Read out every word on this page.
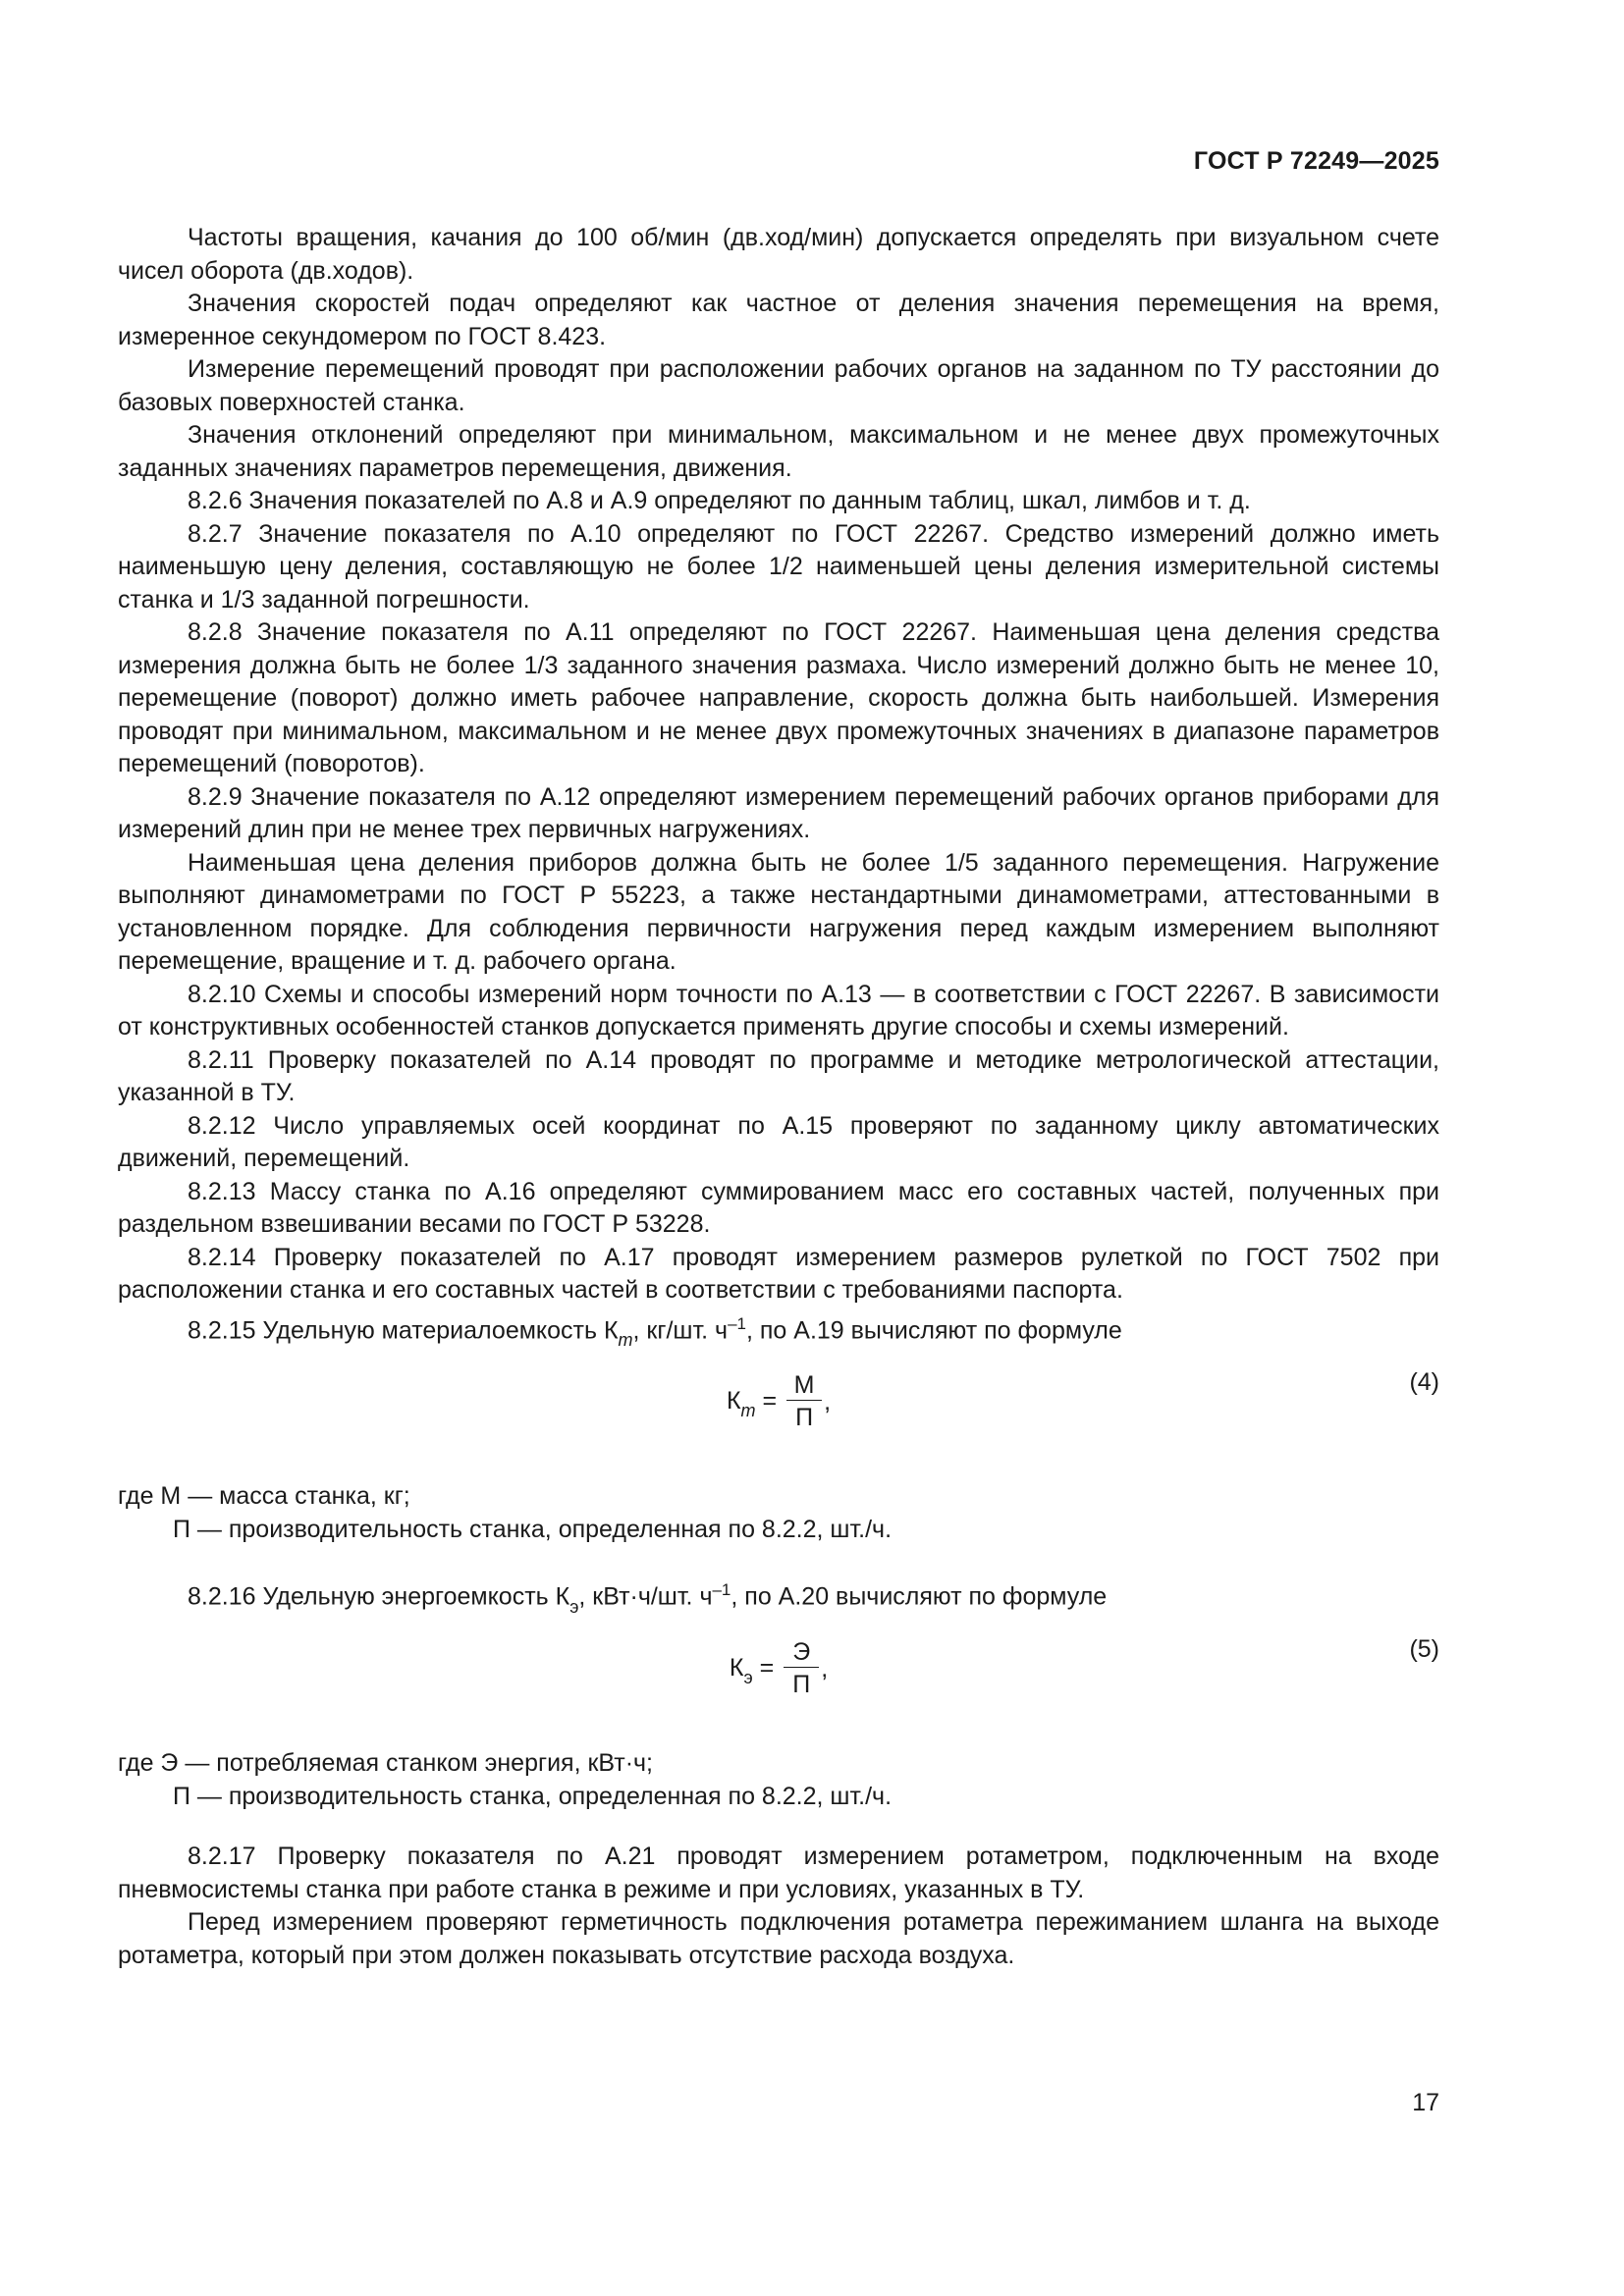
ГОСТ Р 72249—2025

Частоты вращения, качания до 100 об/мин (дв.ход/мин) допускается определять при визуальном счете чисел оборота (дв.ходов).

Значения скоростей подач определяют как частное от деления значения перемещения на время, измеренное секундомером по ГОСТ 8.423.

Измерение перемещений проводят при расположении рабочих органов на заданном по ТУ расстоянии до базовых поверхностей станка.

Значения отклонений определяют при минимальном, максимальном и не менее двух промежуточных заданных значениях параметров перемещения, движения.

8.2.6 Значения показателей по А.8 и А.9 определяют по данным таблиц, шкал, лимбов и т. д.

8.2.7 Значение показателя по А.10 определяют по ГОСТ 22267. Средство измерений должно иметь наименьшую цену деления, составляющую не более 1/2 наименьшей цены деления измерительной системы станка и 1/3 заданной погрешности.

8.2.8 Значение показателя по А.11 определяют по ГОСТ 22267. Наименьшая цена деления средства измерения должна быть не более 1/3 заданного значения размаха. Число измерений должно быть не менее 10, перемещение (поворот) должно иметь рабочее направление, скорость должна быть наибольшей. Измерения проводят при минимальном, максимальном и не менее двух промежуточных значениях в диапазоне параметров перемещений (поворотов).

8.2.9 Значение показателя по А.12 определяют измерением перемещений рабочих органов приборами для измерений длин при не менее трех первичных нагружениях.

Наименьшая цена деления приборов должна быть не более 1/5 заданного перемещения. Нагружение выполняют динамометрами по ГОСТ Р 55223, а также нестандартными динамометрами, аттестованными в установленном порядке. Для соблюдения первичности нагружения перед каждым измерением выполняют перемещение, вращение и т. д. рабочего органа.

8.2.10 Схемы и способы измерений норм точности по А.13 — в соответствии с ГОСТ 22267. В зависимости от конструктивных особенностей станков допускается применять другие способы и схемы измерений.

8.2.11 Проверку показателей по А.14 проводят по программе и методике метрологической аттестации, указанной в ТУ.

8.2.12 Число управляемых осей координат по А.15 проверяют по заданному циклу автоматических движений, перемещений.

8.2.13 Массу станка по А.16 определяют суммированием масс его составных частей, полученных при раздельном взвешивании весами по ГОСТ Р 53228.

8.2.14 Проверку показателей по А.17 проводят измерением размеров рулеткой по ГОСТ 7502 при расположении станка и его составных частей в соответствии с требованиями паспорта.

8.2.15 Удельную материалоемкость $К_m$, кг/шт. $ч^{-1}$, по А.19 вычисляют по формуле

$К_m = \frac{М}{П}$ ,
(4)
где М — масса станка, кг;
П — производительность станка, определенная по 8.2.2, шт./ч.

8.2.16 Удельную энергоемкость $К_э$, кВт·ч/шт. $ч^{-1}$, по А.20 вычисляют по формуле

$К_э = \frac{Э}{П}$ ,
(5)
где Э — потребляемая станком энергия, кВт·ч;
П — производительность станка, определенная по 8.2.2, шт./ч.

8.2.17 Проверку показателя по А.21 проводят измерением ротаметром, подключенным на входе пневмосистемы станка при работе станка в режиме и при условиях, указанных в ТУ.

Перед измерением проверяют герметичность подключения ротаметра пережиманием шланга на выходе ротаметра, который при этом должен показывать отсутствие расхода воздуха.

17
